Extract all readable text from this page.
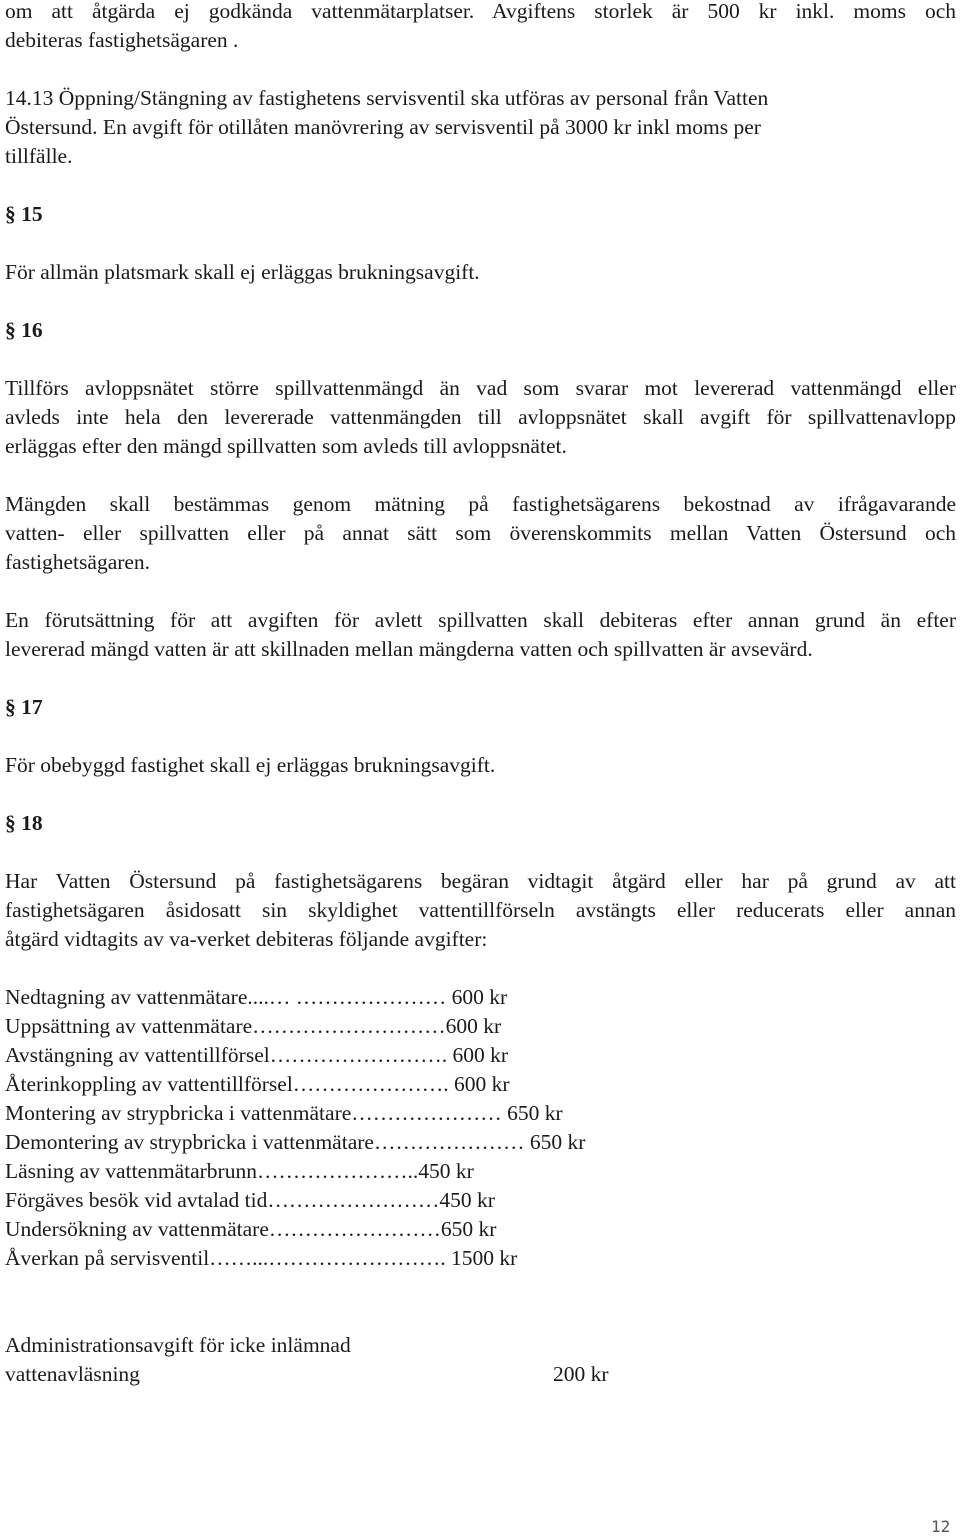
om att åtgärda ej godkända vattenmätarplatser. Avgiftens storlek är 500 kr inkl. moms och
debiteras fastighetsägaren .
14.13 Öppning/Stängning av fastighetens servisventil ska utföras av personal från Vatten
Östersund. En avgift för otillåten manövrering av servisventil på 3000 kr inkl moms per
tillfälle.
§ 15
För allmän platsmark skall ej erläggas brukningsavgift.
§ 16
Tillförs avloppsnätet större spillvattenmängd än vad som svarar mot levererad vattenmängd eller
avleds inte hela den levererade vattenmängden till avloppsnätet skall avgift för spillvattenavlopp
erläggas efter den mängd spillvatten som avleds till avloppsnätet.
Mängden skall bestämmas genom mätning på fastighetsägarens bekostnad av ifrågavarande
vatten- eller spillvatten eller på annat sätt som överenskommits mellan Vatten Östersund och
fastighetsägaren.
En förutsättning för att avgiften för avlett spillvatten skall debiteras efter annan grund än efter
levererad mängd vatten är att skillnaden mellan mängderna vatten och spillvatten är avsevärd.
§ 17
För obebyggd fastighet skall ej erläggas brukningsavgift.
§ 18
Har Vatten Östersund på fastighetsägarens begäran vidtagit åtgärd eller har på grund av att
fastighetsägaren åsidosatt sin skyldighet vattentillförseln avstängts eller reducerats eller annan
åtgärd vidtagits av va-verket debiteras följande avgifter:
Nedtagning av vattenmätare....… ………………… 600 kr
Uppsättning av vattenmätare………………………600 kr
Avstängning av vattentillförsel……………………. 600 kr
Återinkoppling av vattentillförsel…………………. 600 kr
Montering av strypbricka i vattenmätare………………… 650 kr
Demontering av strypbricka i vattenmätare………………… 650 kr
Läsning av vattenmätarbrunn…………………..450 kr
Förgäves besök vid avtalad tid……………………450 kr
Undersökning av vattenmätare……………………650 kr
Åverkan på servisventil……...……………………. 1500 kr
Administrationsavgift för icke inlämnad
vattenavläsning	200 kr
12
